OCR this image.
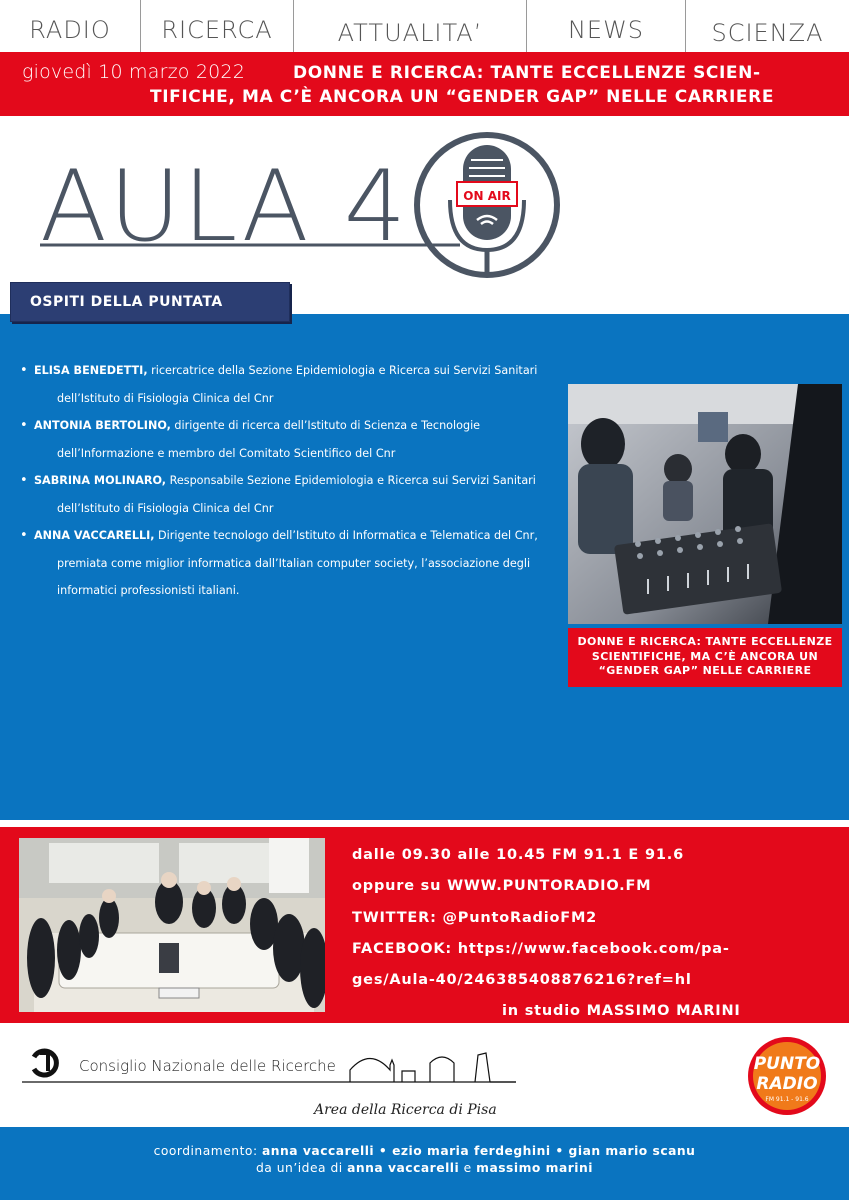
RADIO	RICERCA	ATTUALITA’	NEWS	SCIENZA
giovedì 10 marzo 2022	DONNE E RICERCA: TANTE ECCELLENZE SCIEN-
TIFICHE, MA C’È ANCORA UN “GENDER GAP” NELLE CARRIERE
AULA 4	ON AIR
OSPITI DELLA PUNTATA
• ELISA BENEDETTI, ricercatrice della Sezione Epidemiologia e Ricerca sui Servizi Sanitari
dell’Istituto di Fisiologia Clinica del Cnr
• ANTONIA BERTOLINO, dirigente di ricerca dell’Istituto di Scienza e Tecnologie
dell’Informazione e membro del Comitato Scientifico del Cnr
• SABRINA MOLINARO, Responsabile Sezione Epidemiologia e Ricerca sui Servizi Sanitari
dell’Istituto di Fisiologia Clinica del Cnr
• ANNA VACCARELLI, Dirigente tecnologo dell’Istituto di Informatica e Telematica del Cnr,
premiata come miglior informatica dall’Italian computer society, l’associazione degli
informatici professionisti italiani.
DONNE E RICERCA: TANTE ECCELLENZE
SCIENTIFICHE, MA C’È ANCORA UN
“GENDER GAP” NELLE CARRIERE
dalle 09.30 alle 10.45 FM 91.1 E 91.6
oppure su WWW.PUNTORADIO.FM
TWITTER: @PuntoRadioFM2
FACEBOOK: https://www.facebook.com/pa-
ges/Aula-40/246385408876216?ref=hl
in studio MASSIMO MARINI
Consiglio Nazionale delle Ricerche
Area della Ricerca di Pisa
PUNTO
RADIO
FM 91.1 - 91.6
coordinamento: anna vaccarelli • ezio maria ferdeghini • gian mario scanu
da un’idea di anna vaccarelli e massimo marini
